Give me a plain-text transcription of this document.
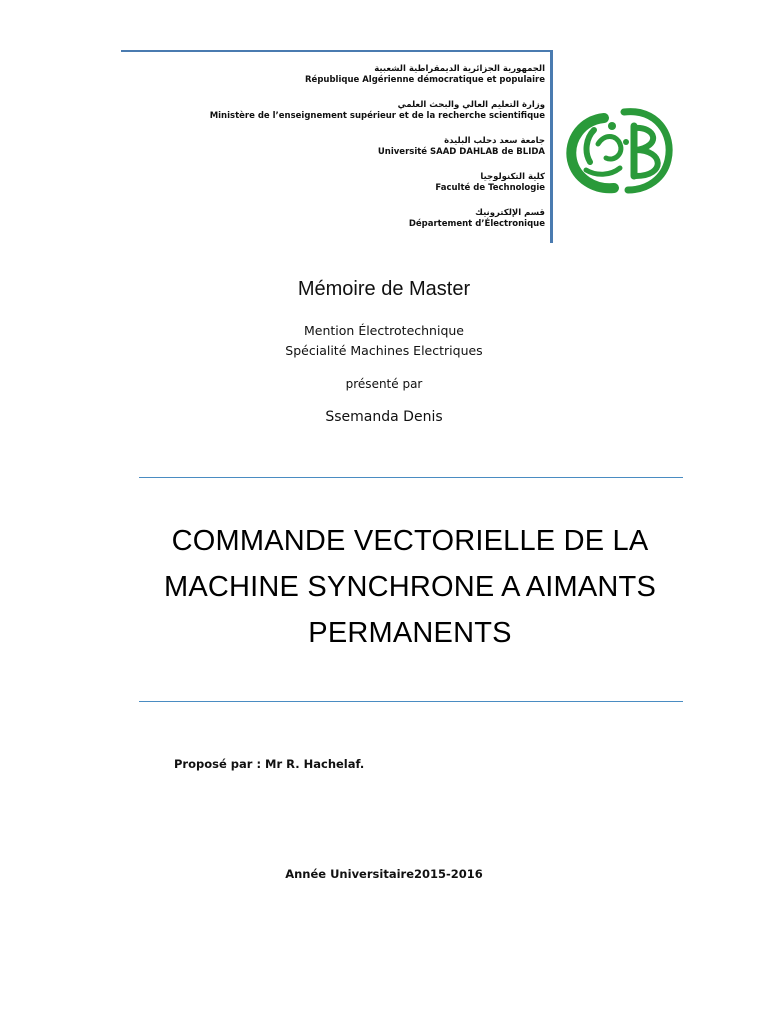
الجمهورية الجزائرية الديمقراطية الشعبية
République Algérienne démocratique et populaire
وزارة التعليم العالي والبحث العلمي
Ministère de l’enseignement supérieur et de la recherche scientifique
جامعة سعد دحلب البليدة
Université SAAD DAHLAB de BLIDA
كلية التكنولوجيا
Faculté de Technologie
قسم الإلكترونيك
Département d’Électronique
Mémoire de Master
Mention Électrotechnique
Spécialité Machines Electriques
présenté par
Ssemanda Denis
COMMANDE VECTORIELLE DE LA
MACHINE SYNCHRONE A AIMANTS
PERMANENTS
Proposé par : Mr R. Hachelaf.
Année Universitaire2015-2016
